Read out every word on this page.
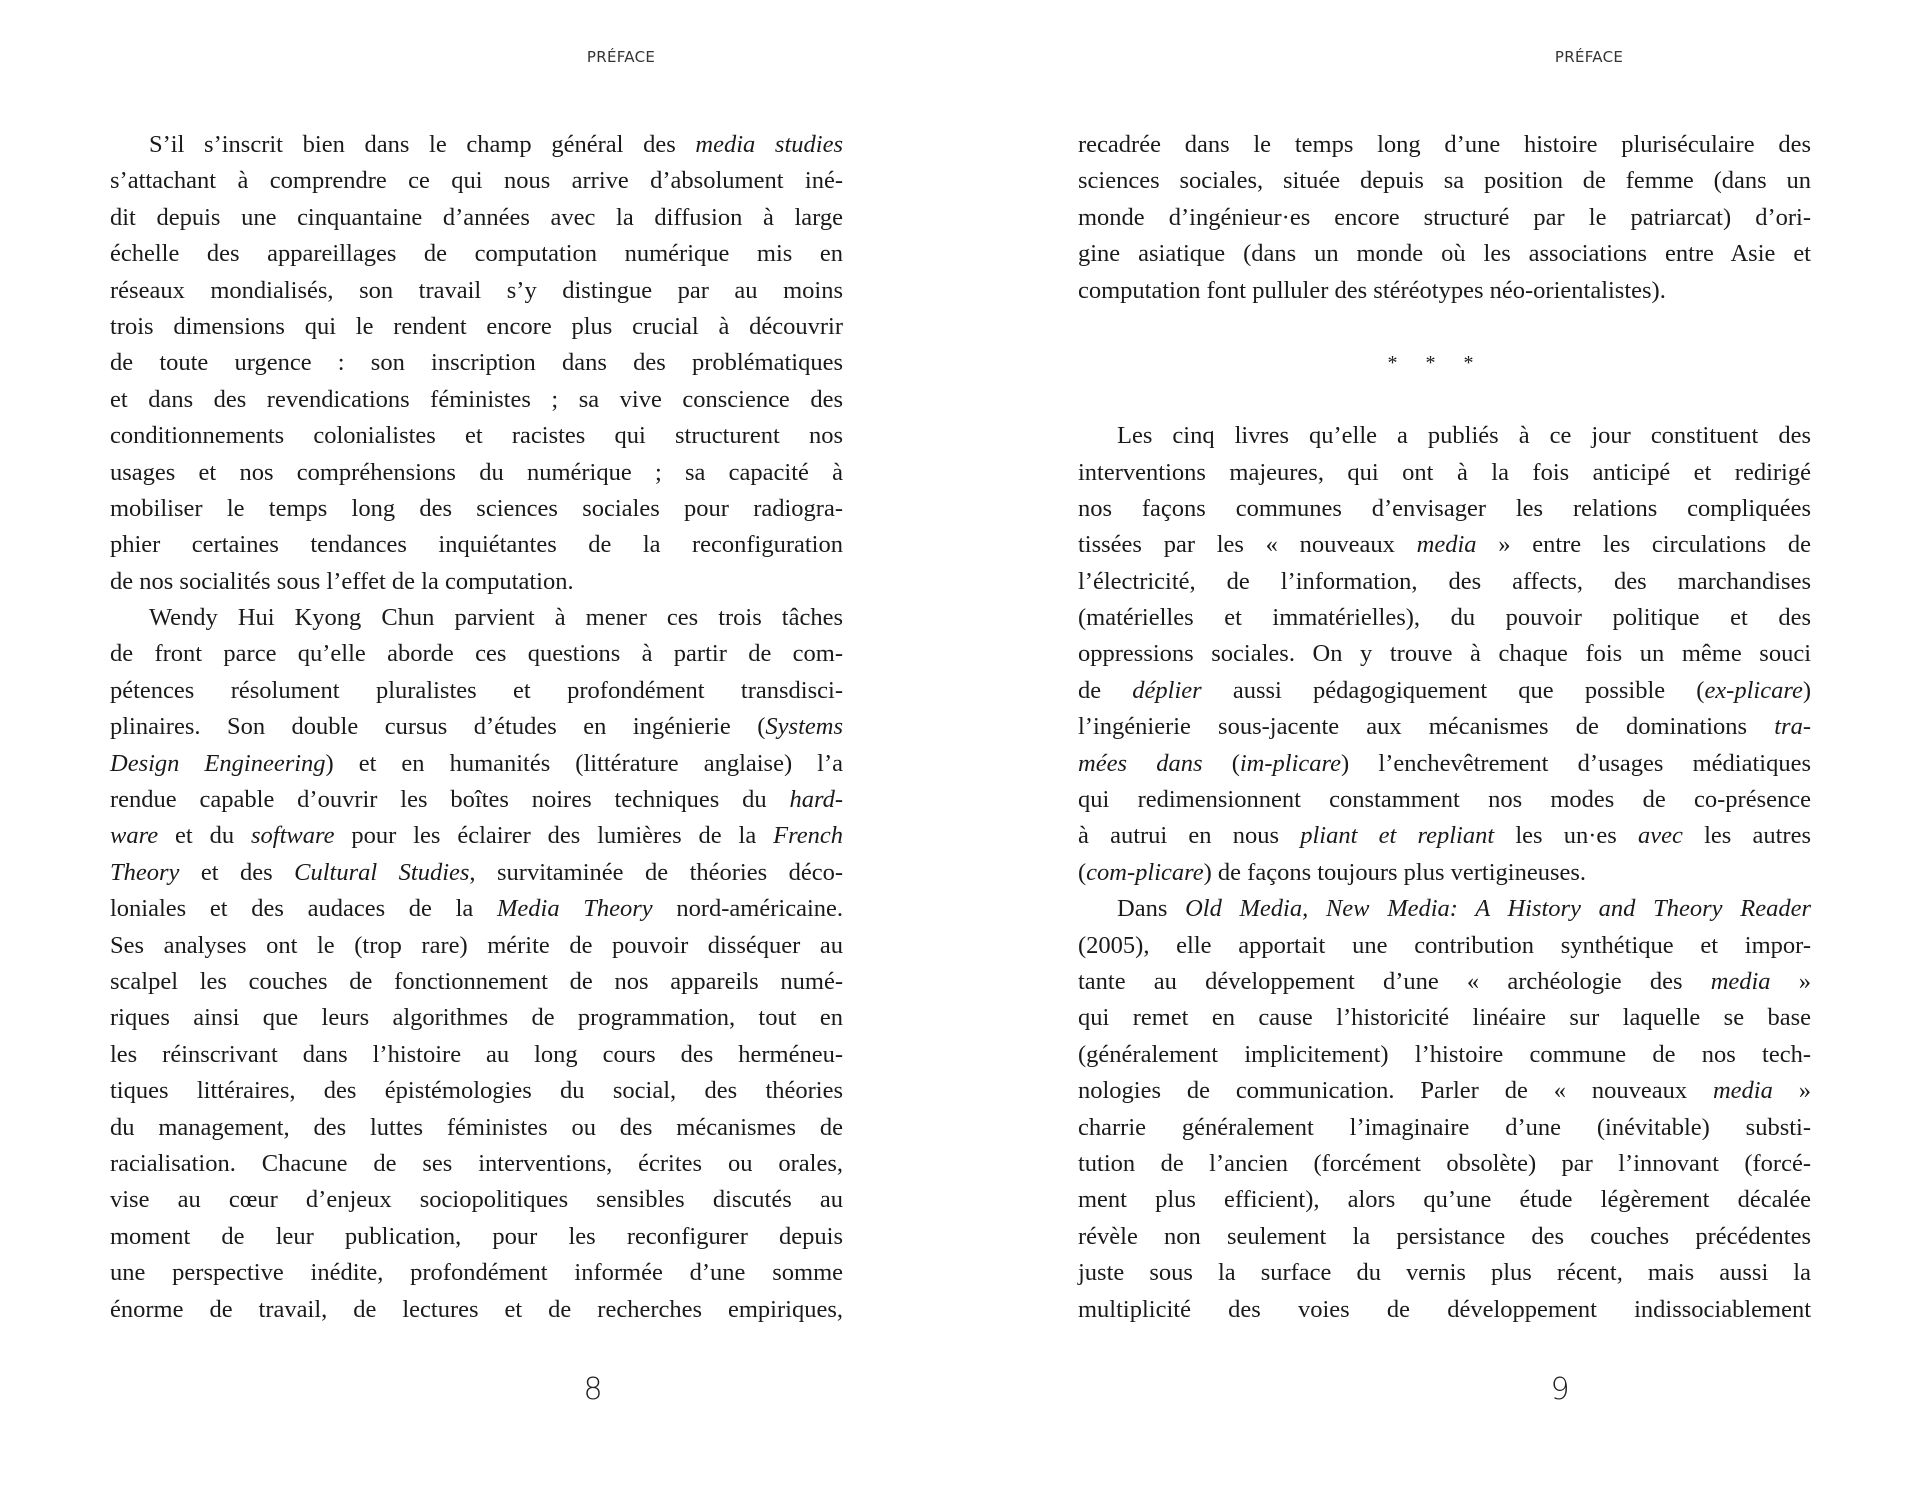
PRÉFACE
S’il s’inscrit bien dans le champ général des media studies
s’attachant à comprendre ce qui nous arrive d’absolument iné-
dit depuis une cinquantaine d’années avec la diffusion à large
échelle des appareillages de computation numérique mis en
réseaux mondialisés, son travail s’y distingue par au moins
trois dimensions qui le rendent encore plus crucial à découvrir
de toute urgence : son inscription dans des problématiques
et dans des revendications féministes ; sa vive conscience des
conditionnements colonialistes et racistes qui structurent nos
usages et nos compréhensions du numérique ; sa capacité à
mobiliser le temps long des sciences sociales pour radiogra-
phier certaines tendances inquiétantes de la reconfiguration
de nos socialités sous l’effet de la computation.
Wendy Hui Kyong Chun parvient à mener ces trois tâches
de front parce qu’elle aborde ces questions à partir de com-
pétences résolument pluralistes et profondément transdisci-
plinaires. Son double cursus d’études en ingénierie (Systems
Design Engineering) et en humanités (littérature anglaise) l’a
rendue capable d’ouvrir les boîtes noires techniques du hard-
ware et du software pour les éclairer des lumières de la French
Theory et des Cultural Studies, survitaminée de théories déco-
loniales et des audaces de la Media Theory nord-américaine.
Ses analyses ont le (trop rare) mérite de pouvoir disséquer au
scalpel les couches de fonctionnement de nos appareils numé-
riques ainsi que leurs algorithmes de programmation, tout en
les réinscrivant dans l’histoire au long cours des herméneu-
tiques littéraires, des épistémologies du social, des théories
du management, des luttes féministes ou des mécanismes de
racialisation. Chacune de ses interventions, écrites ou orales,
vise au cœur d’enjeux sociopolitiques sensibles discutés au
moment de leur publication, pour les reconfigurer depuis
une perspective inédite, profondément informée d’une somme
énorme de travail, de lectures et de recherches empiriques,
8
PRÉFACE
recadrée dans le temps long d’une histoire pluriséculaire des
sciences sociales, située depuis sa position de femme (dans un
monde d’ingénieur·es encore structuré par le patriarcat) d’ori-
gine asiatique (dans un monde où les associations entre Asie et
computation font pulluler des stéréotypes néo-orientalistes).
***
Les cinq livres qu’elle a publiés à ce jour constituent des
interventions majeures, qui ont à la fois anticipé et redirigé
nos façons communes d’envisager les relations compliquées
tissées par les « nouveaux media » entre les circulations de
l’électricité, de l’information, des affects, des marchandises
(matérielles et immatérielles), du pouvoir politique et des
oppressions sociales. On y trouve à chaque fois un même souci
de déplier aussi pédagogiquement que possible (ex-plicare)
l’ingénierie sous-jacente aux mécanismes de dominations tra-
mées dans (im-plicare) l’enchevêtrement d’usages médiatiques
qui redimensionnent constamment nos modes de co-présence
à autrui en nous pliant et repliant les un·es avec les autres
(com-plicare) de façons toujours plus vertigineuses.
Dans Old Media, New Media: A History and Theory Reader
(2005), elle apportait une contribution synthétique et impor-
tante au développement d’une « archéologie des media »
qui remet en cause l’historicité linéaire sur laquelle se base
(généralement implicitement) l’histoire commune de nos tech-
nologies de communication. Parler de « nouveaux media »
charrie généralement l’imaginaire d’une (inévitable) substi-
tution de l’ancien (forcément obsolète) par l’innovant (forcé-
ment plus efficient), alors qu’une étude légèrement décalée
révèle non seulement la persistance des couches précédentes
juste sous la surface du vernis plus récent, mais aussi la
multiplicité des voies de développement indissociablement
9
